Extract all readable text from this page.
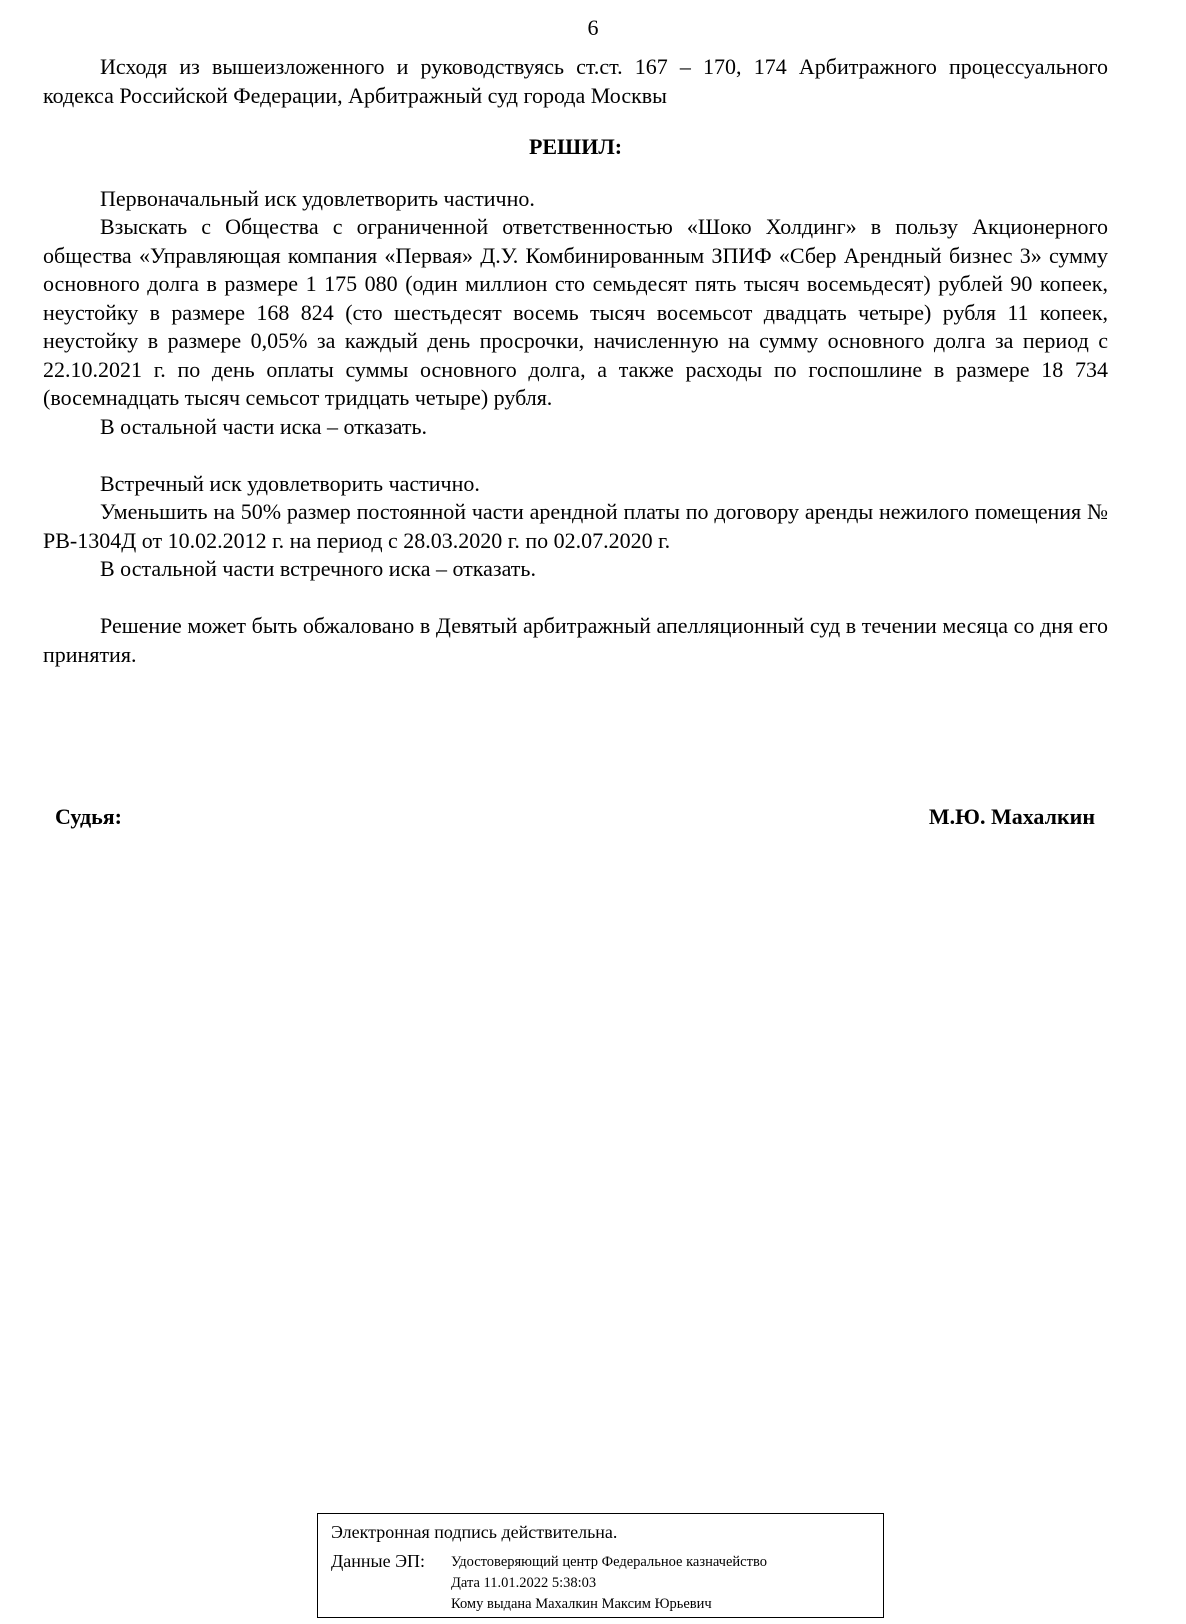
6

Исходя из вышеизложенного и руководствуясь ст.ст. 167 – 170, 174 Арбитражного процессуального кодекса Российской Федерации, Арбитражный суд города Москвы

РЕШИЛ:

Первоначальный иск удовлетворить частично.

Взыскать с Общества с ограниченной ответственностью «Шоко Холдинг» в пользу Акционерного общества «Управляющая компания «Первая» Д.У. Комбинированным ЗПИФ «Сбер Арендный бизнес 3» сумму основного долга в размере 1 175 080 (один миллион сто семьдесят пять тысяч восемьдесят) рублей 90 копеек, неустойку в размере 168 824 (сто шестьдесят восемь тысяч восемьсот двадцать четыре) рубля 11 копеек, неустойку в размере 0,05% за каждый день просрочки, начисленную на сумму основного долга за период с 22.10.2021 г. по день оплаты суммы основного долга, а также расходы по госпошлине в размере 18 734 (восемнадцать тысяч семьсот тридцать четыре) рубля.

В остальной части иска – отказать.

Встречный иск удовлетворить частично.

Уменьшить на 50% размер постоянной части арендной платы по договору аренды нежилого помещения № РВ-1304Д от 10.02.2012 г. на период с 28.03.2020 г. по 02.07.2020 г.

В остальной части встречного иска – отказать.

Решение может быть обжаловано в Девятый арбитражный апелляционный суд в течении месяца со дня его принятия.

Судья:	М.Ю. Махалкин
Электронная подпись действительна.
Данные ЭП: Удостоверяющий центр Федеральное казначейство
Дата 11.01.2022 5:38:03
Кому выдана Махалкин Максим Юрьевич
